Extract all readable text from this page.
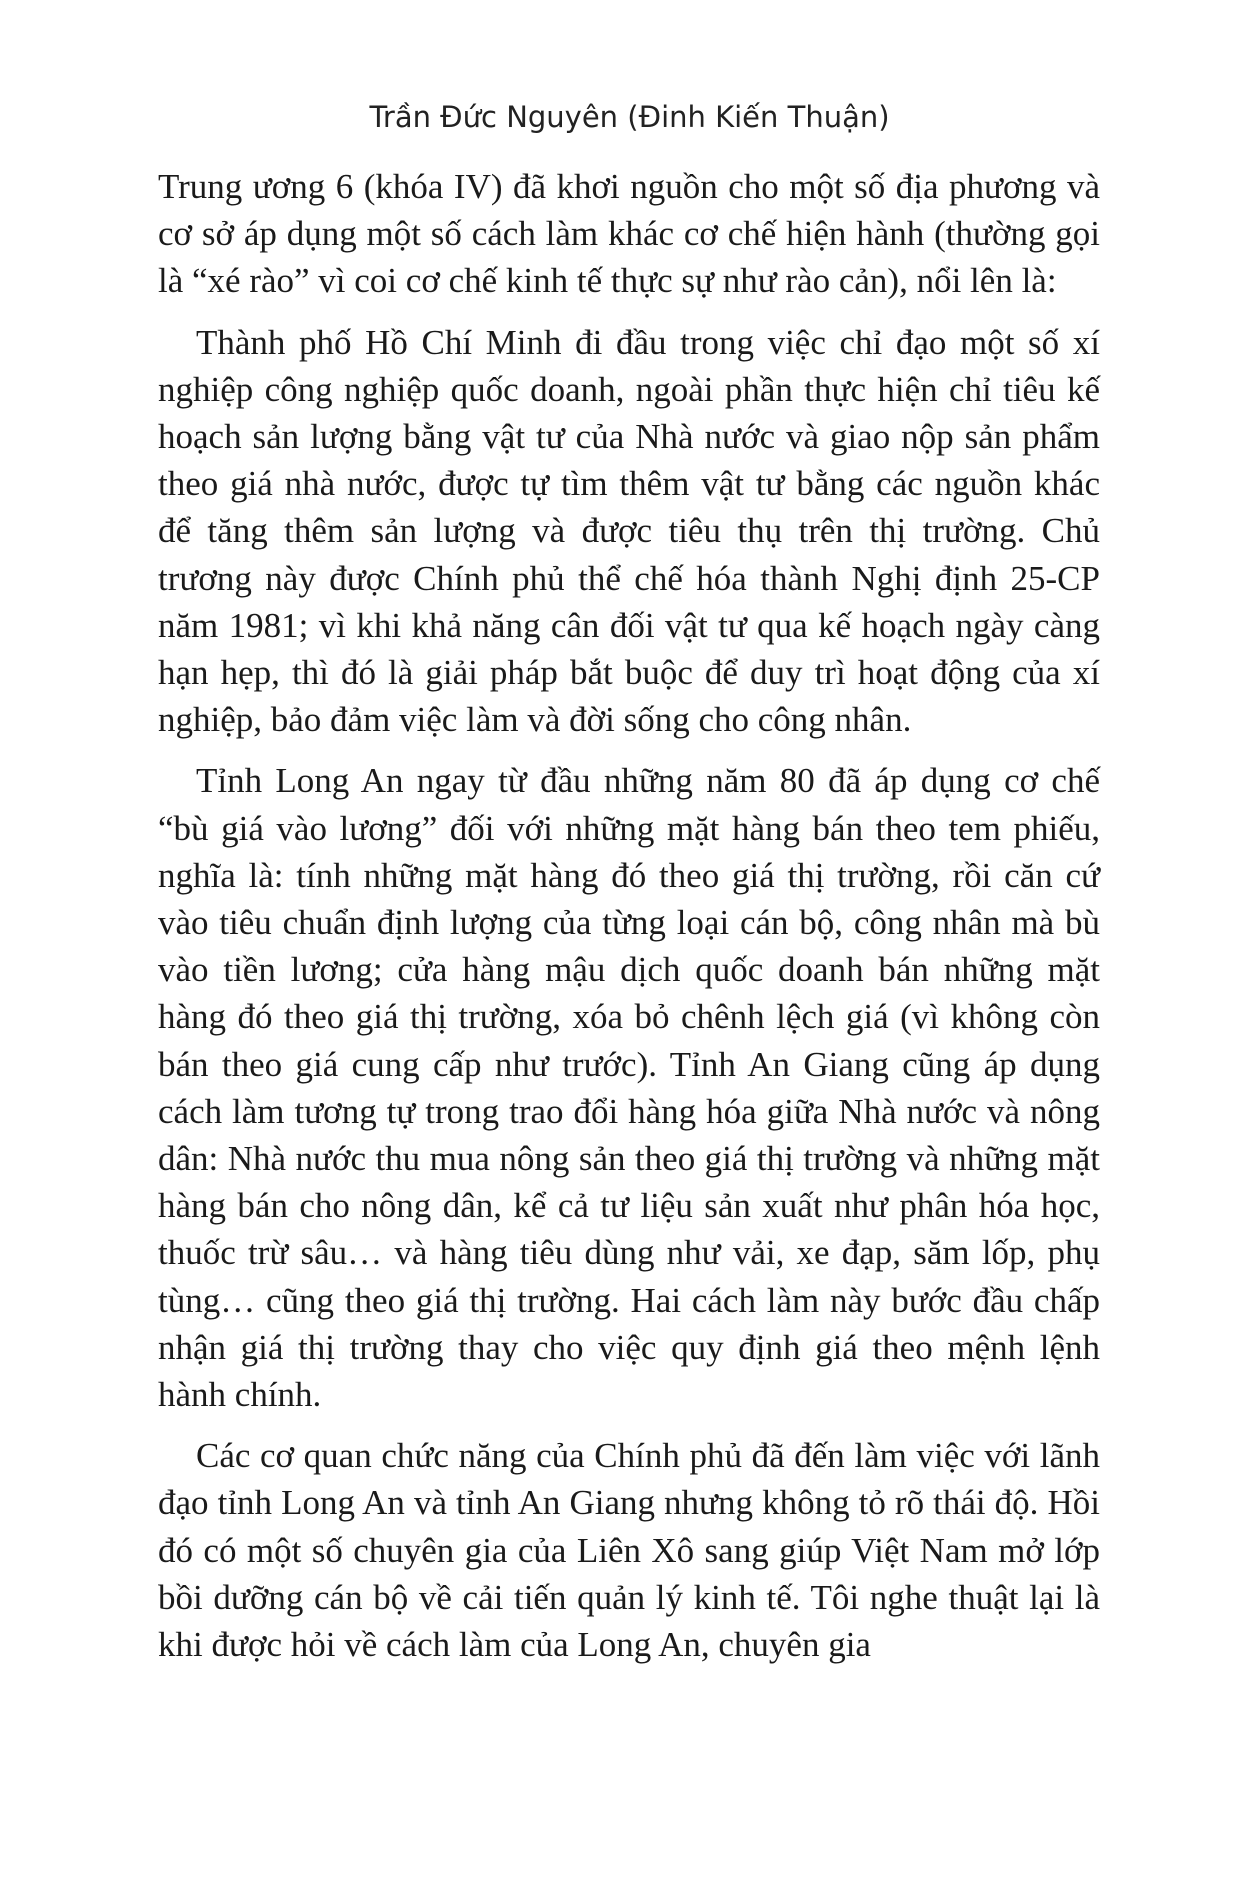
Trần Đức Nguyên (Đinh Kiến Thuận)

Trung ương 6 (khóa IV) đã khơi nguồn cho một số địa phương và cơ sở áp dụng một số cách làm khác cơ chế hiện hành (thường gọi là “xé rào” vì coi cơ chế kinh tế thực sự như rào cản), nổi lên là:

Thành phố Hồ Chí Minh đi đầu trong việc chỉ đạo một số xí nghiệp công nghiệp quốc doanh, ngoài phần thực hiện chỉ tiêu kế hoạch sản lượng bằng vật tư của Nhà nước và giao nộp sản phẩm theo giá nhà nước, được tự tìm thêm vật tư bằng các nguồn khác để tăng thêm sản lượng và được tiêu thụ trên thị trường. Chủ trương này được Chính phủ thể chế hóa thành Nghị định 25-CP năm 1981; vì khi khả năng cân đối vật tư qua kế hoạch ngày càng hạn hẹp, thì đó là giải pháp bắt buộc để duy trì hoạt động của xí nghiệp, bảo đảm việc làm và đời sống cho công nhân.

Tỉnh Long An ngay từ đầu những năm 80 đã áp dụng cơ chế “bù giá vào lương” đối với những mặt hàng bán theo tem phiếu, nghĩa là: tính những mặt hàng đó theo giá thị trường, rồi căn cứ vào tiêu chuẩn định lượng của từng loại cán bộ, công nhân mà bù vào tiền lương; cửa hàng mậu dịch quốc doanh bán những mặt hàng đó theo giá thị trường, xóa bỏ chênh lệch giá (vì không còn bán theo giá cung cấp như trước). Tỉnh An Giang cũng áp dụng cách làm tương tự trong trao đổi hàng hóa giữa Nhà nước và nông dân: Nhà nước thu mua nông sản theo giá thị trường và những mặt hàng bán cho nông dân, kể cả tư liệu sản xuất như phân hóa học, thuốc trừ sâu… và hàng tiêu dùng như vải, xe đạp, săm lốp, phụ tùng… cũng theo giá thị trường. Hai cách làm này bước đầu chấp nhận giá thị trường thay cho việc quy định giá theo mệnh lệnh hành chính.

Các cơ quan chức năng của Chính phủ đã đến làm việc với lãnh đạo tỉnh Long An và tỉnh An Giang nhưng không tỏ rõ thái độ. Hồi đó có một số chuyên gia của Liên Xô sang giúp Việt Nam mở lớp bồi dưỡng cán bộ về cải tiến quản lý kinh tế. Tôi nghe thuật lại là khi được hỏi về cách làm của Long An, chuyên gia
